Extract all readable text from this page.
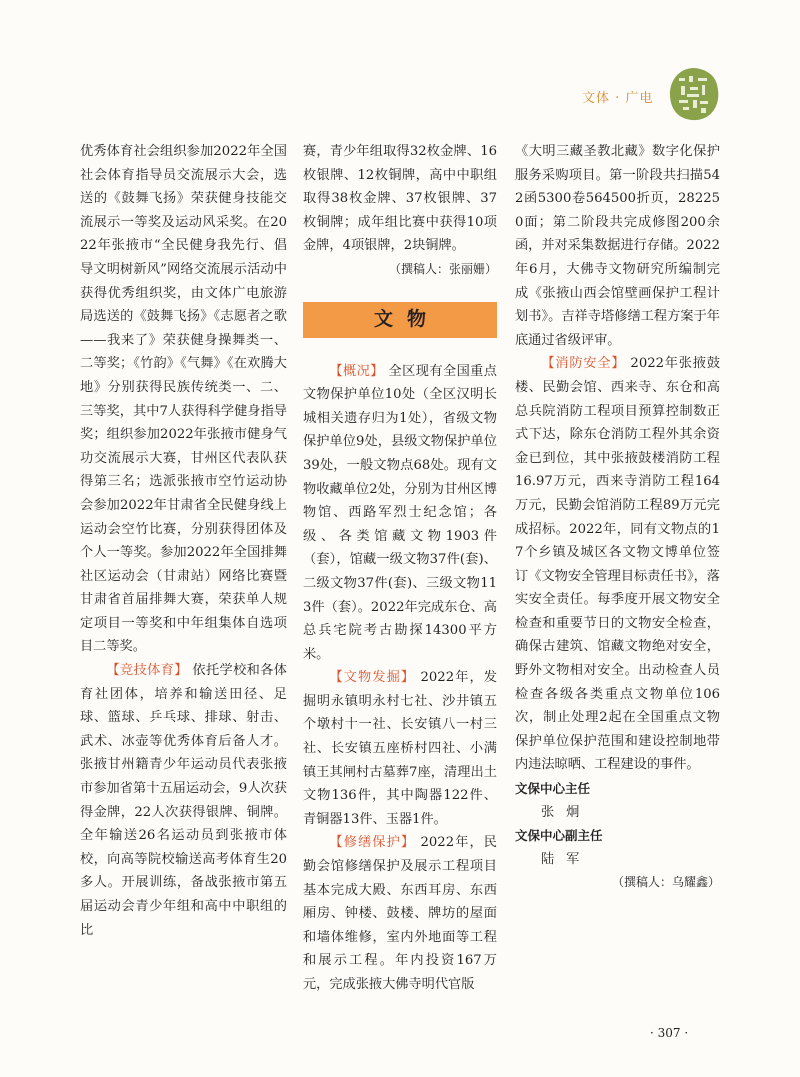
文体 · 广电

优秀体育社会组织参加2022年全国社会体育指导员交流展示大会，选送的《鼓舞飞扬》荣获健身技能交流展示一等奖及运动风采奖。在2022年张掖市“全民健身我先行、倡导文明树新风”网络交流展示活动中获得优秀组织奖，由文体广电旅游局选送的《鼓舞飞扬》《志愿者之歌——我来了》荣获健身操舞类一、二等奖；《竹韵》《气舞》《在欢腾大地》分别获得民族传统类一、二、三等奖，其中7人获得科学健身指导奖；组织参加2022年张掖市健身气功交流展示大赛，甘州区代表队获得第三名；选派张掖市空竹运动协会参加2022年甘肃省全民健身线上运动会空竹比赛，分别获得团体及个人一等奖。参加2022年全国排舞社区运动会（甘肃站）网络比赛暨甘肃省首届排舞大赛，荣获单人规定项目一等奖和中年组集体自选项目二等奖。

【竞技体育】 依托学校和各体育社团体，培养和输送田径、足球、篮球、乒乓球、排球、射击、武术、冰壶等优秀体育后备人才。张掖甘州籍青少年运动员代表张掖市参加省第十五届运动会，9人次获得金牌，22人次获得银牌、铜牌。全年输送26名运动员到张掖市体校，向高等院校输送高考体育生20多人。开展训练，备战张掖市第五届运动会青少年组和高中中职组的比

赛，青少年组取得32枚金牌、16枚银牌、12枚铜牌，高中中职组取得38枚金牌、37枚银牌、37枚铜牌；成年组比赛中获得10项金牌，4项银牌，2块铜牌。

（撰稿人：张丽姗）

文物

【概况】 全区现有全国重点文物保护单位10处（全区汉明长城相关遗存归为1处），省级文物保护单位9处，县级文物保护单位39处，一般文物点68处。现有文物收藏单位2处，分别为甘州区博物馆、西路军烈士纪念馆；各级、各类馆藏文物1903件（套），馆藏一级文物37件(套)、二级文物37件(套)、三级文物113件（套）。2022年完成东仓、高总兵宅院考古勘探14300平方米。

【文物发掘】 2022年，发掘明永镇明永村七社、沙井镇五个墩村十一社、长安镇八一村三社、长安镇五座桥村四社、小满镇王其闸村古墓葬7座，清理出土文物136件，其中陶器122件、青铜器13件、玉器1件。

【修缮保护】 2022年，民勤会馆修缮保护及展示工程项目基本完成大殿、东西耳房、东西厢房、钟楼、鼓楼、牌坊的屋面和墙体维修，室内外地面等工程和展示工程。年内投资167万元，完成张掖大佛寺明代官版

《大明三藏圣教北藏》数字化保护服务采购项目。第一阶段共扫描542函5300卷564500折页，282250面；第二阶段共完成修图200余函，并对采集数据进行存储。2022年6月，大佛寺文物研究所编制完成《张掖山西会馆壁画保护工程计划书》。吉祥寺塔修缮工程方案于年底通过省级评审。

【消防安全】 2022年张掖鼓楼、民勤会馆、西来寺、东仓和高总兵院消防工程项目预算控制数正式下达，除东仓消防工程外其余资金已到位，其中张掖鼓楼消防工程16.97万元，西来寺消防工程164万元，民勤会馆消防工程89万元完成招标。2022年，同有文物点的17个乡镇及城区各文物文博单位签订《文物安全管理目标责任书》，落实安全责任。每季度开展文物安全检查和重要节日的文物安全检查，确保古建筑、馆藏文物绝对安全，野外文物相对安全。出动检查人员检查各级各类重点文物单位106次，制止处理2起在全国重点文物保护单位保护范围和建设控制地带内违法晾晒、工程建设的事件。

文保中心主任

张炯

文保中心副主任

陆军

（撰稿人：乌耀鑫）

· 307 ·
